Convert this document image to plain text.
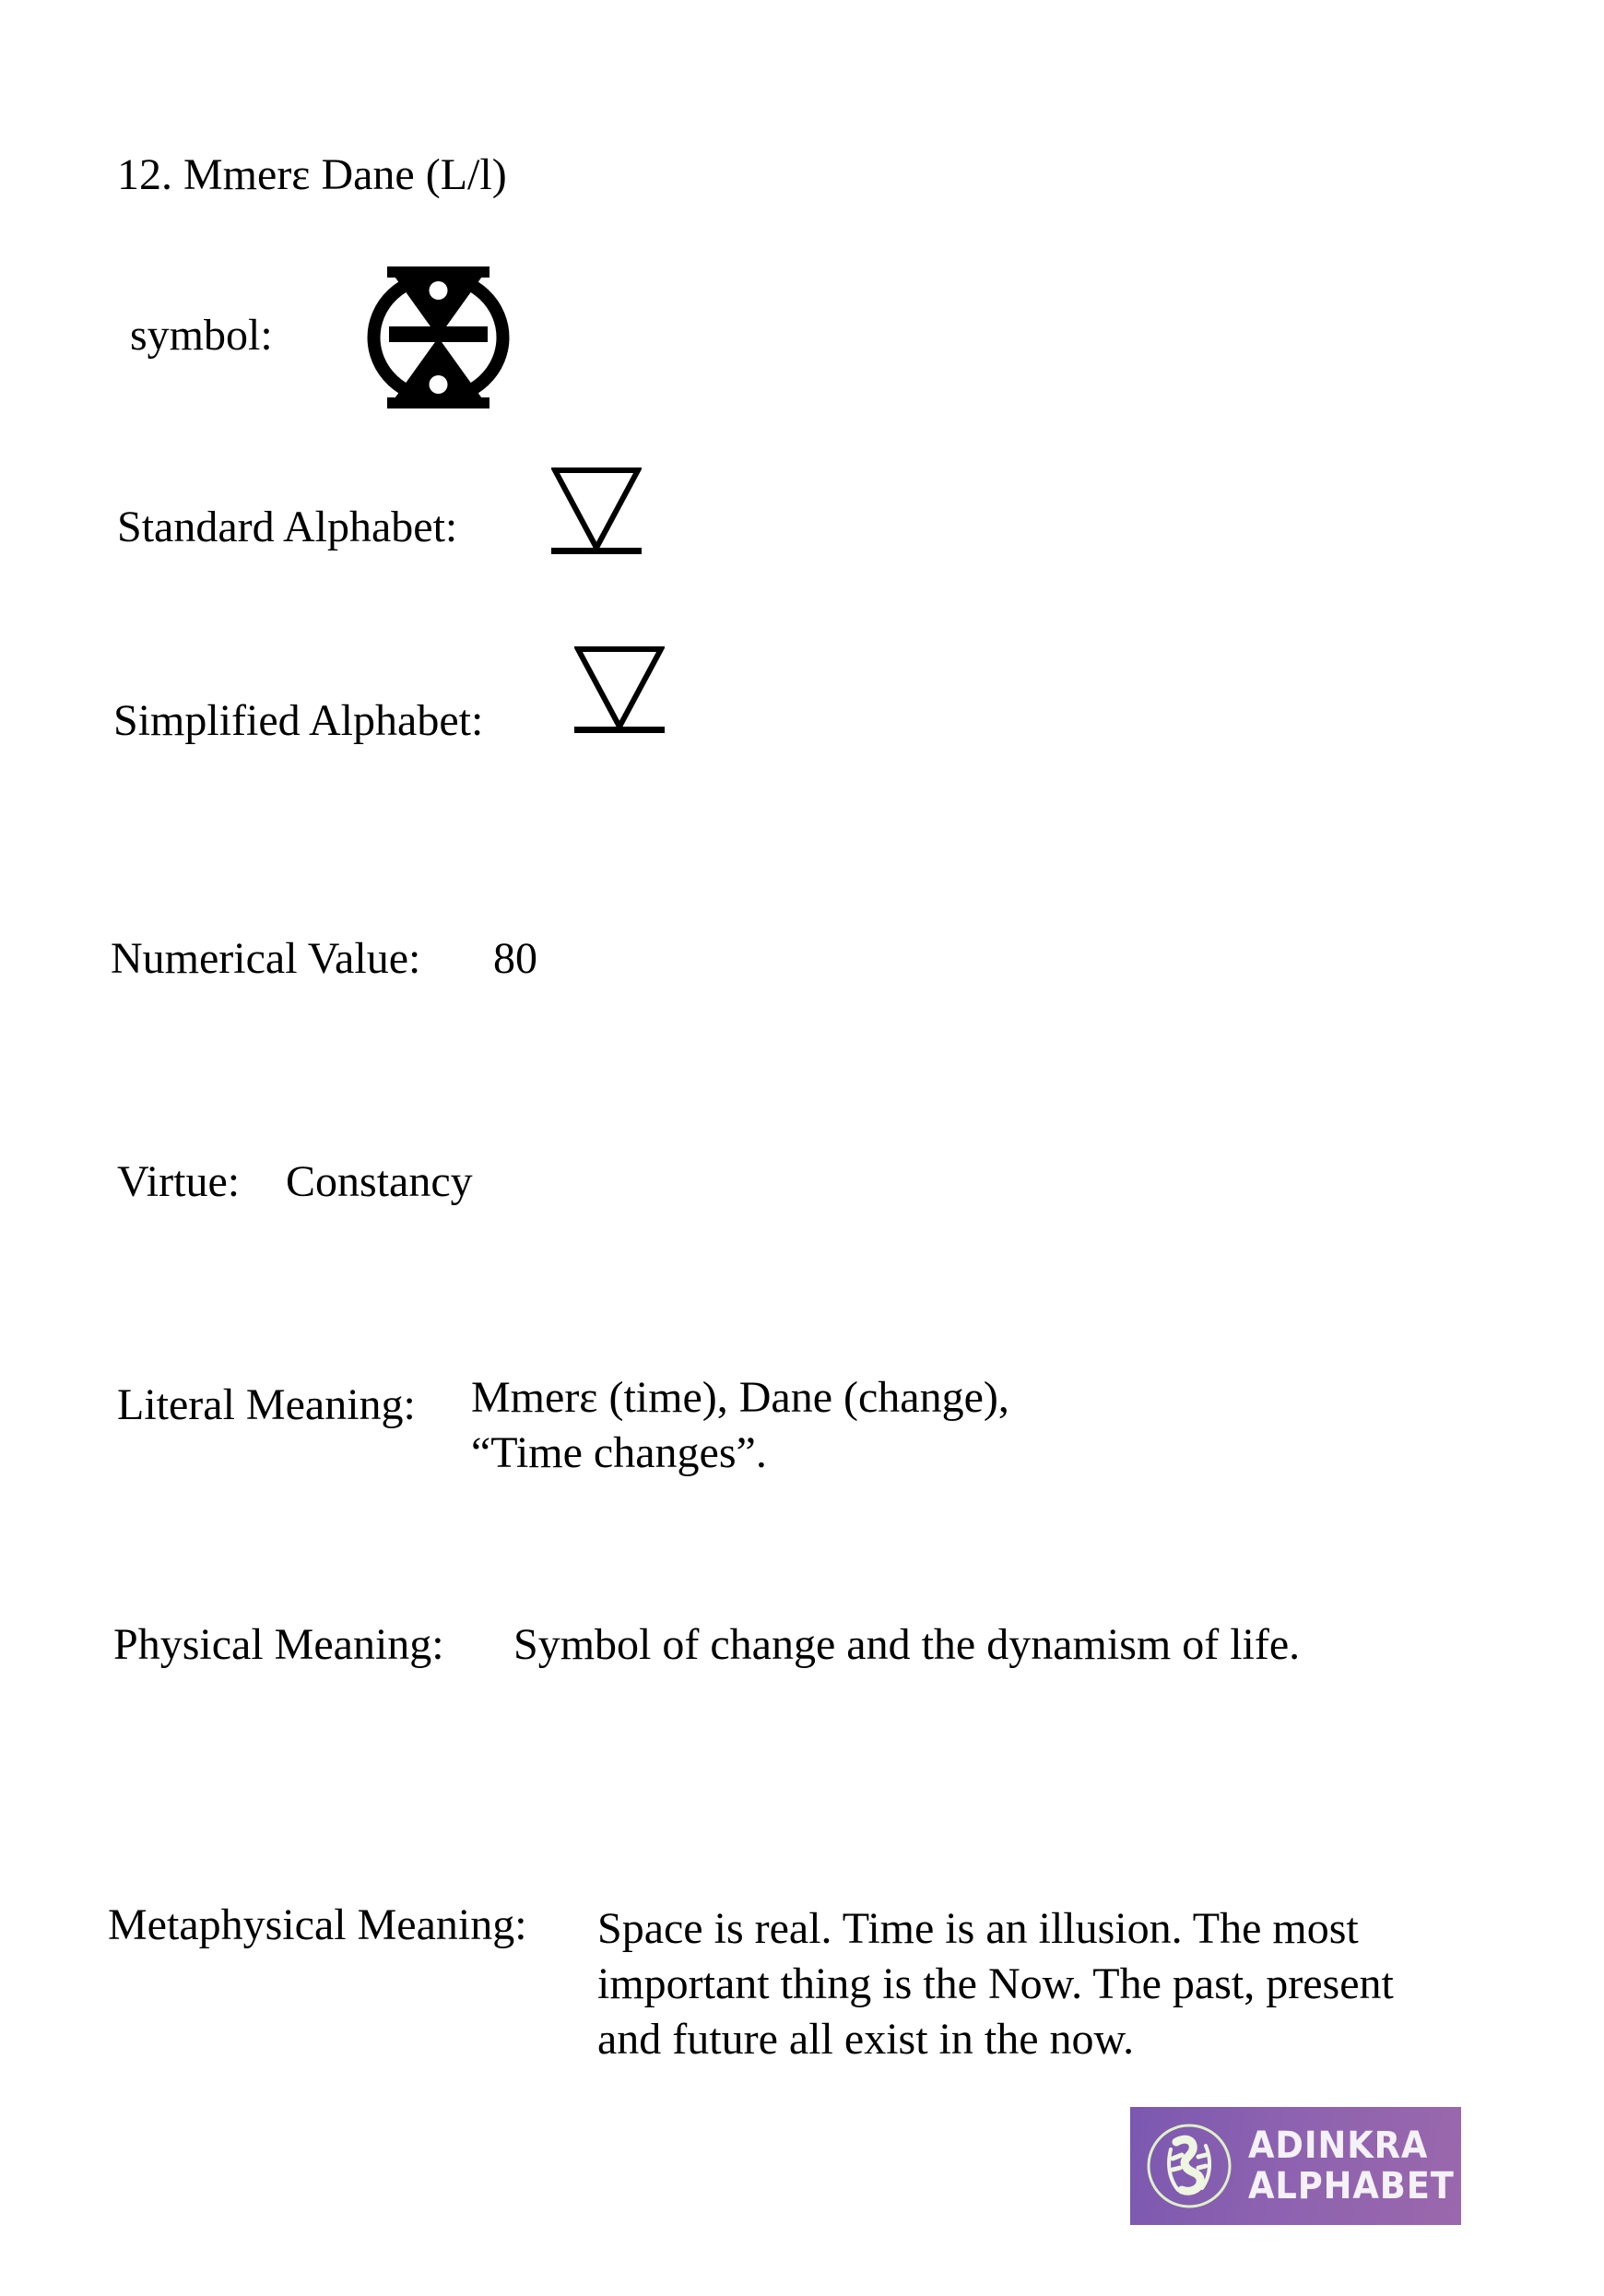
12. Mmerɛ Dane (L/l)
symbol:
Standard Alphabet:
Simplified Alphabet:
Numerical Value: 80
Virtue: Constancy
Literal Meaning: Mmerɛ (time), Dane (change),
“Time changes”.
Physical Meaning: Symbol of change and the dynamism of life.
Metaphysical Meaning: Space is real. Time is an illusion. The most
important thing is the Now. The past, present
and future all exist in the now.
ADINKRA
ALPHABET
